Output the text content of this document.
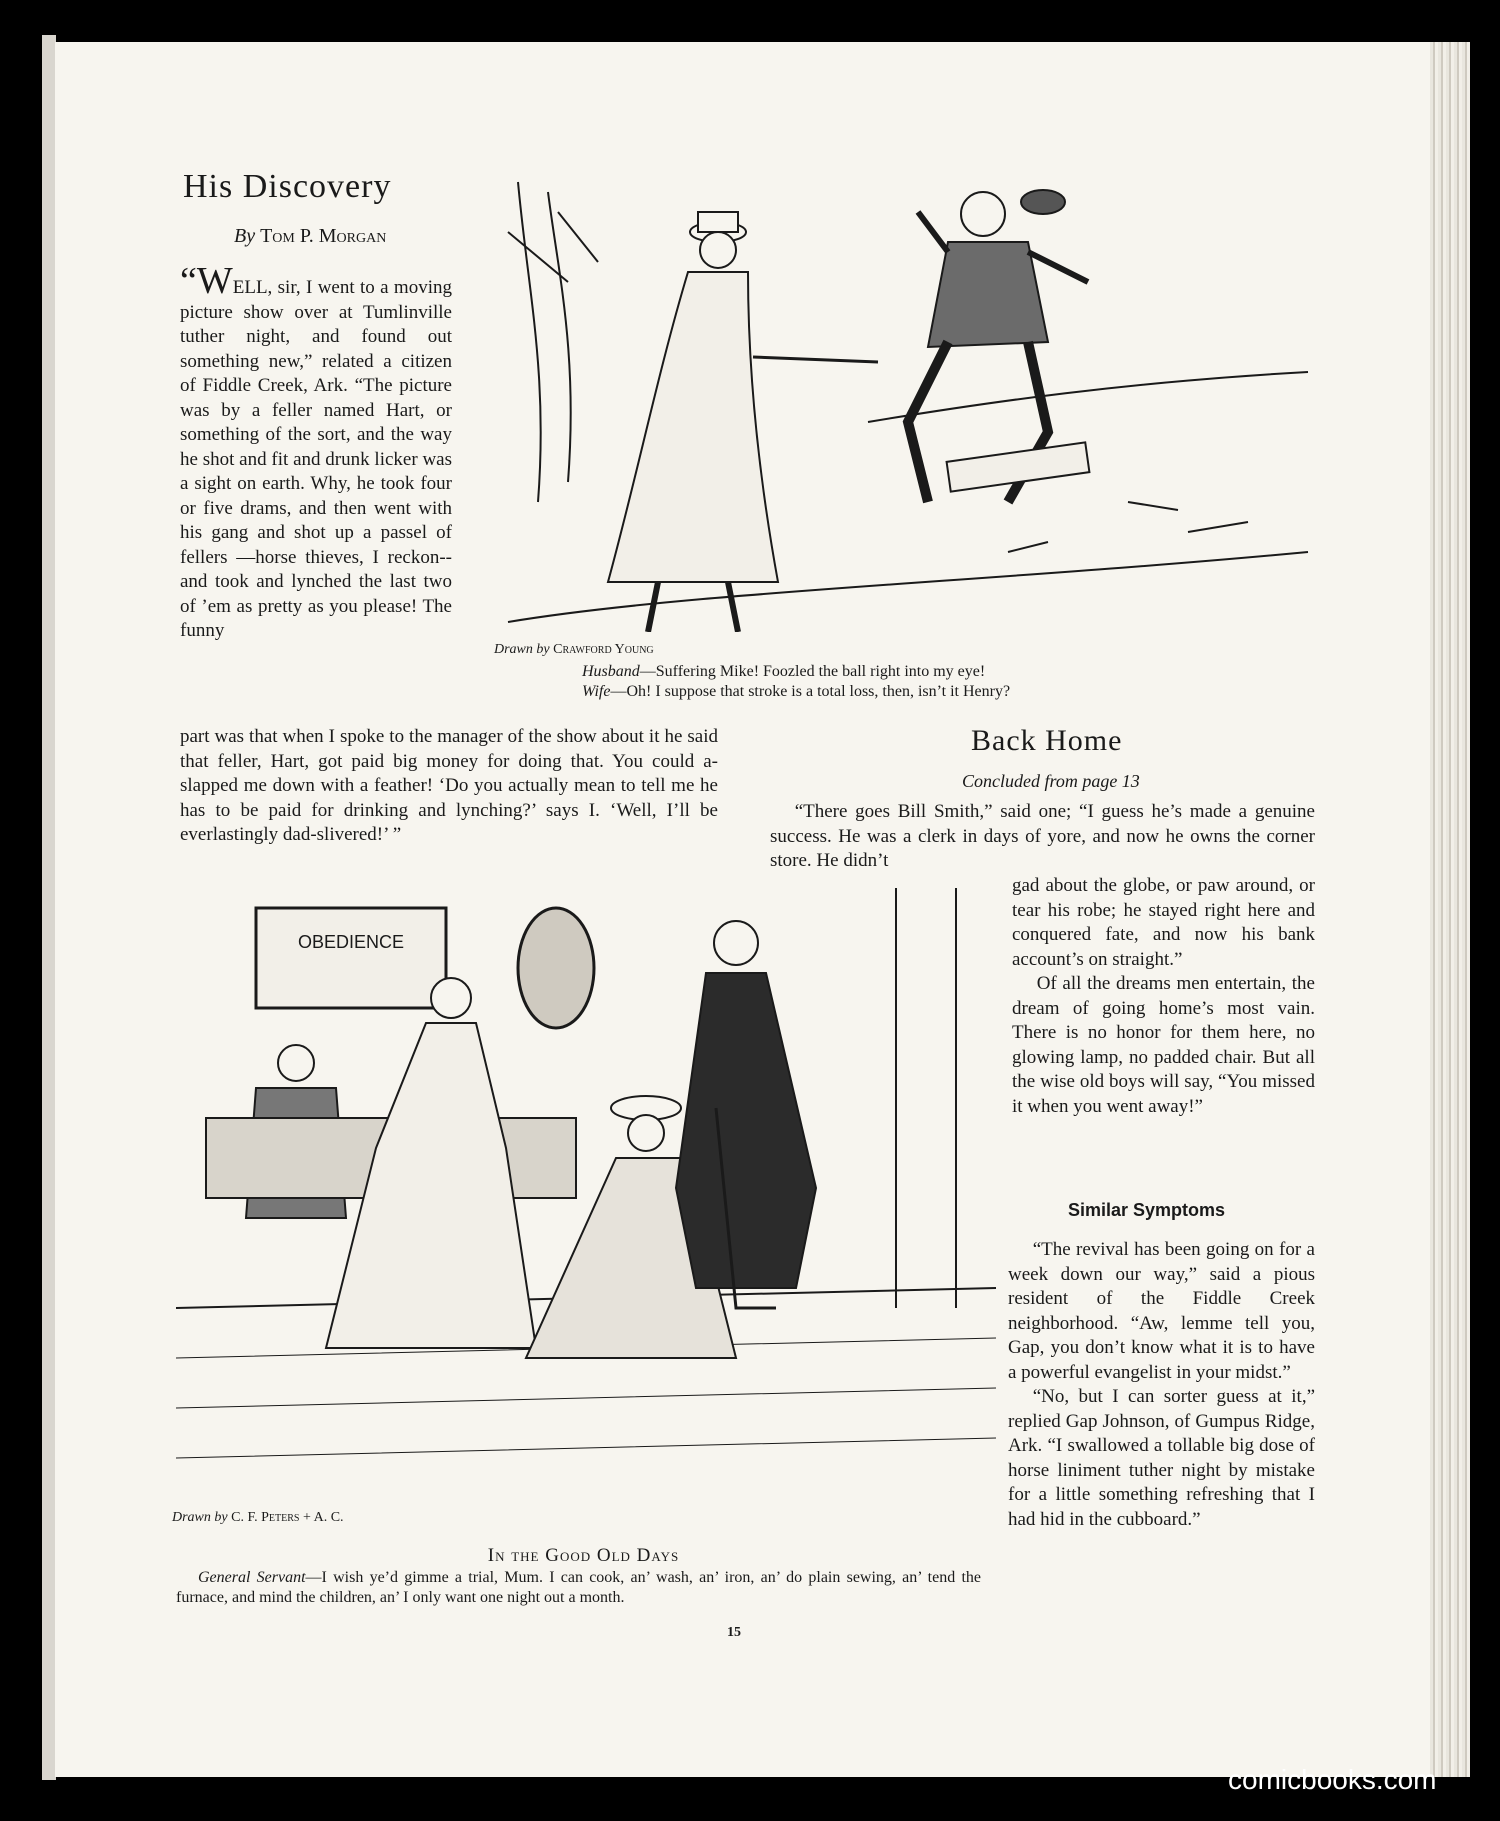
His Discovery
By Tom P. Morgan

“WELL, sir, I went to a moving picture show over at Tumlinville tuther night, and found out something new,” related a citizen of Fiddle Creek, Ark. “The picture was by a feller named Hart, or something of the sort, and the way he shot and fit and drunk licker was a sight on earth. Why, he took four or five drams, and then went with his gang and shot up a passel of fellers —horse thieves, I reckon-- and took and lynched the last two of ’em as pretty as you please! The funny

part was that when I spoke to the manager of the show about it he said that feller, Hart, got paid big money for doing that. You could a-slapped me down with a feather! ‘Do you actually mean to tell me he has to be paid for drinking and lynching?’ says I. ‘Well, I’ll be everlastingly dad-slivered!’ ”

Drawn by Crawford Young
Husband—Suffering Mike! Foozled the ball right into my eye!
Wife—Oh! I suppose that stroke is a total loss, then, isn’t it Henry?
Back Home
Concluded from page 13

“There goes Bill Smith,” said one; “I guess he’s made a genuine success. He was a clerk in days of yore, and now he owns the corner store. He didn’t

gad about the globe, or paw around, or tear his robe; he stayed right here and conquered fate, and now his bank account’s on straight.”

Of all the dreams men entertain, the dream of going home’s most vain. There is no honor for them here, no glowing lamp, no padded chair. But all the wise old boys will say, “You missed it when you went away!”

Similar Symptoms

“The revival has been going on for a week down our way,” said a pious resident of the Fiddle Creek neighborhood. “Aw, lemme tell you, Gap, you don’t know what it is to have a powerful evangelist in your midst.”

“No, but I can sorter guess at it,” replied Gap Johnson, of Gumpus Ridge, Ark. “I swallowed a tollable big dose of horse liniment tuther night by mistake for a little something refreshing that I had hid in the cubboard.”

OBEDIENCE
Drawn by C. F. Peters + A. C.
In the Good Old Days
General Servant—I wish ye’d gimme a trial, Mum. I can cook, an’ wash, an’ iron, an’ do plain sewing, an’ tend the furnace, and mind the children, an’ I only want one night out a month.
15
comicbooks.com
